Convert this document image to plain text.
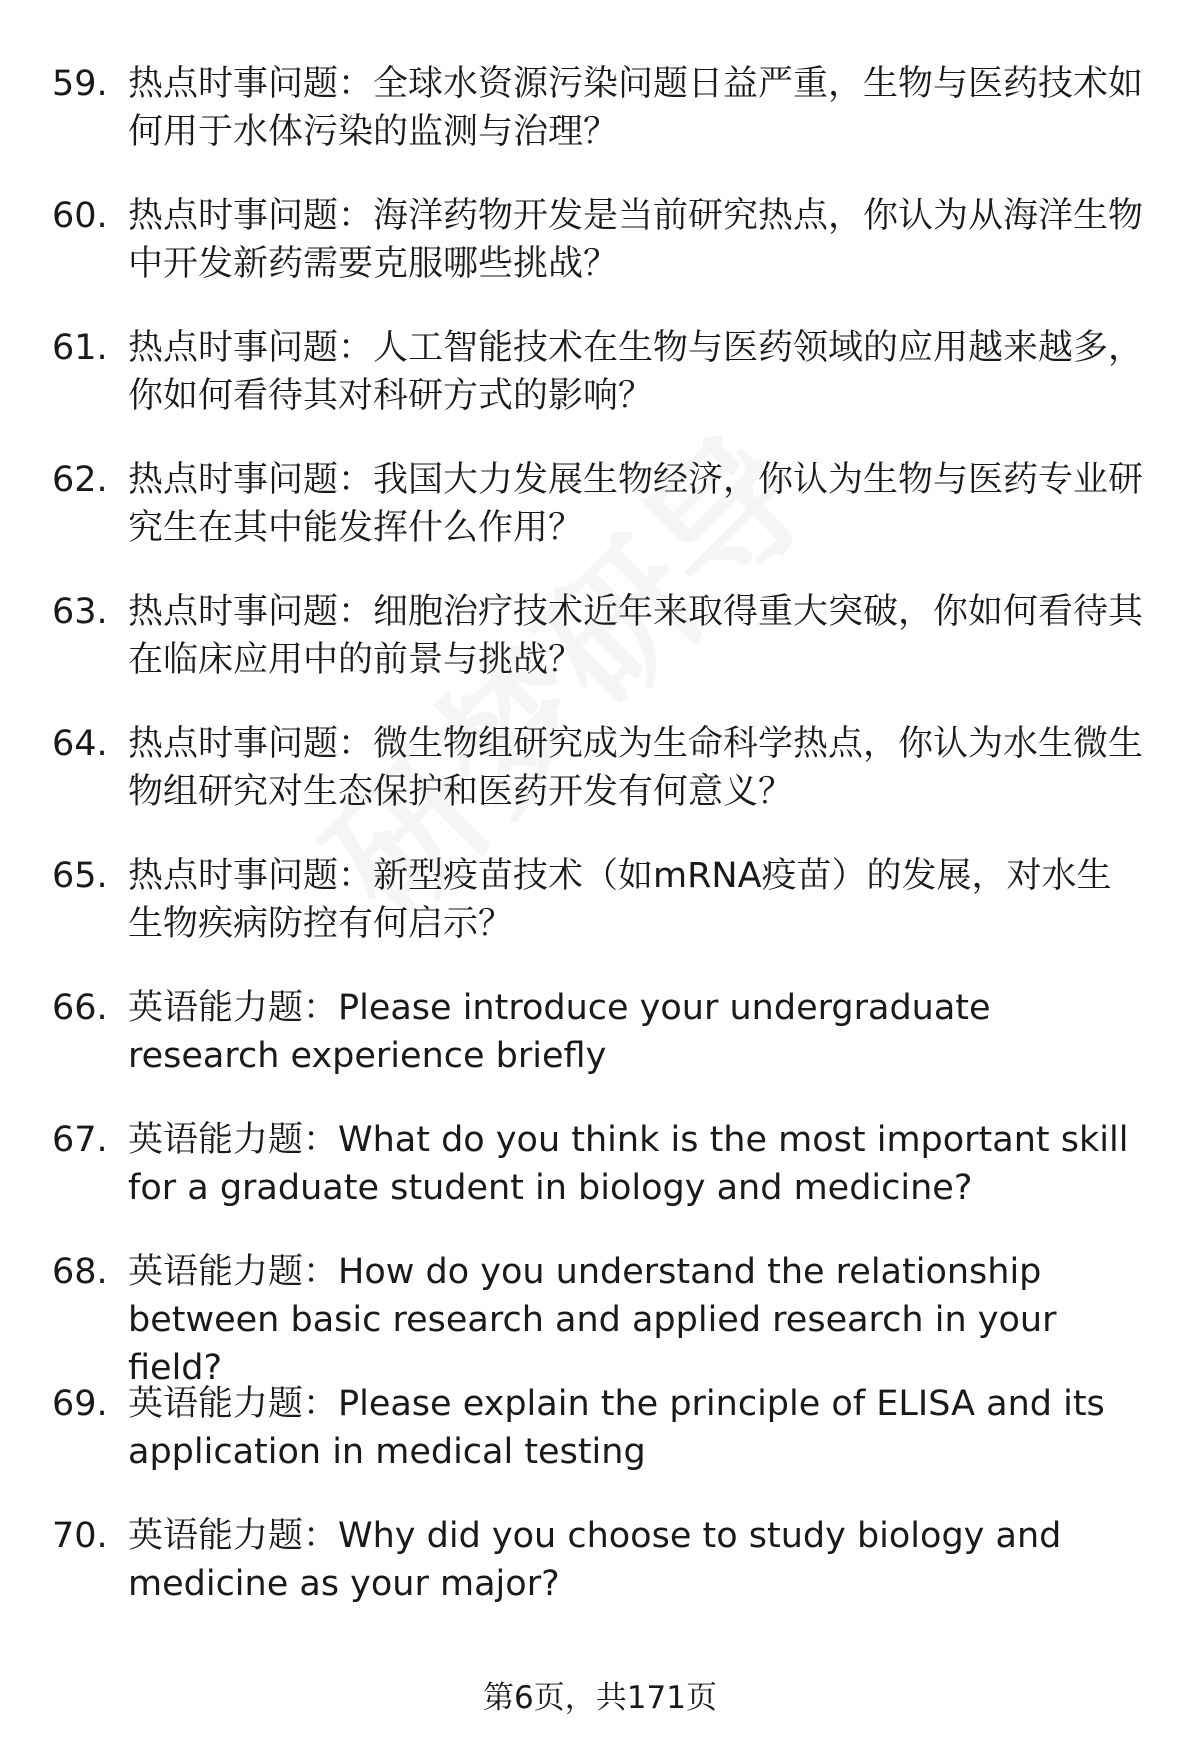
59. 热点时事问题：全球水资源污染问题日益严重，生物与医药技术如何用于水体污染的监测与治理？
60. 热点时事问题：海洋药物开发是当前研究热点，你认为从海洋生物中开发新药需要克服哪些挑战？
61. 热点时事问题：人工智能技术在生物与医药领域的应用越来越多，你如何看待其对科研方式的影响？
62. 热点时事问题：我国大力发展生物经济，你认为生物与医药专业研究生在其中能发挥什么作用？
63. 热点时事问题：细胞治疗技术近年来取得重大突破，你如何看待其在临床应用中的前景与挑战？
64. 热点时事问题：微生物组研究成为生命科学热点，你认为水生微生物组研究对生态保护和医药开发有何意义？
65. 热点时事问题：新型疫苗技术（如mRNA疫苗）的发展，对水生生物疾病防控有何启示？
66. 英语能力题：Please introduce your undergraduate research experience briefly
67. 英语能力题：What do you think is the most important skill for a graduate student in biology and medicine?
68. 英语能力题：How do you understand the relationship between basic research and applied research in your field?
69. 英语能力题：Please explain the principle of ELISA and its application in medical testing
70. 英语能力题：Why did you choose to study biology and medicine as your major?
第6页，共171页
